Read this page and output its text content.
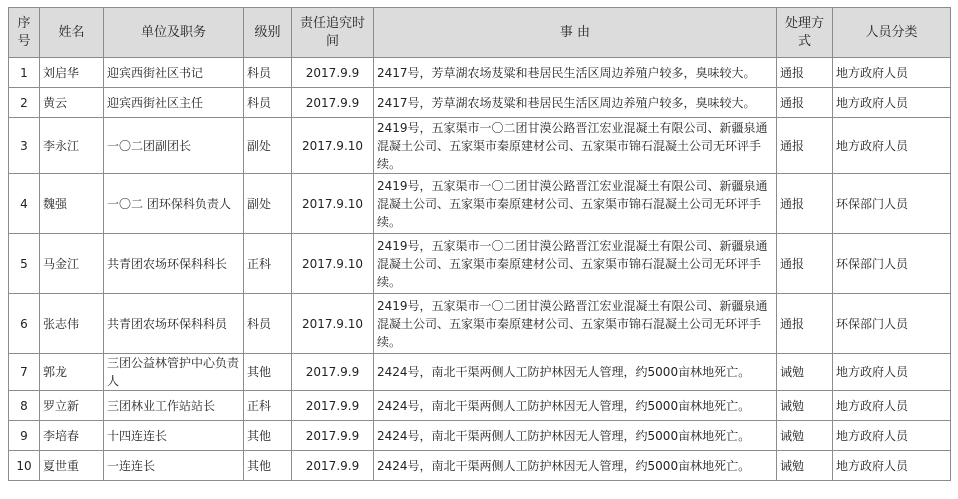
序号	姓名	单位及职务	级别	责任追究时间	事 由	处理方式	人员分类
1	刘启华	迎宾西街社区书记	科员	2017.9.9	2417号，芳草湖农场芨粱和巷居民生活区周边养殖户较多，臭味较大。	通报	地方政府人员
2	黄云	迎宾西街社区主任	科员	2017.9.9	2417号，芳草湖农场芨粱和巷居民生活区周边养殖户较多，臭味较大。	通报	地方政府人员
3	李永江	一〇二团副团长	副处	2017.9.10	2419号，五家渠市一〇二团甘漠公路晋江宏业混凝土有限公司、新疆泉通混凝土公司、五家渠市秦原建材公司、五家渠市锦石混凝土公司无环评手续。	通报	地方政府人员
4	魏强	一〇二 团环保科负责人	副处	2017.9.10	2419号，五家渠市一〇二团甘漠公路晋江宏业混凝土有限公司、新疆泉通混凝土公司、五家渠市秦原建材公司、五家渠市锦石混凝土公司无环评手续。	通报	环保部门人员
5	马金江	共青团农场环保科科长	正科	2017.9.10	2419号，五家渠市一〇二团甘漠公路晋江宏业混凝土有限公司、新疆泉通混凝土公司、五家渠市秦原建材公司、五家渠市锦石混凝土公司无环评手续。	通报	环保部门人员
6	张志伟	共青团农场环保科科员	科员	2017.9.10	2419号，五家渠市一〇二团甘漠公路晋江宏业混凝土有限公司、新疆泉通混凝土公司、五家渠市秦原建材公司、五家渠市锦石混凝土公司无环评手续。	通报	环保部门人员
7	郭龙	三团公益林管护中心负责人	其他	2017.9.9	2424号，南北干渠两侧人工防护林因无人管理，约5000亩林地死亡。	诫勉	地方政府人员
8	罗立新	三团林业工作站站长	正科	2017.9.9	2424号，南北干渠两侧人工防护林因无人管理，约5000亩林地死亡。	诫勉	地方政府人员
9	李培春	十四连连长	其他	2017.9.9	2424号，南北干渠两侧人工防护林因无人管理，约5000亩林地死亡。	诫勉	地方政府人员
10	夏世重	一连连长	其他	2017.9.9	2424号，南北干渠两侧人工防护林因无人管理，约5000亩林地死亡。	诫勉	地方政府人员
